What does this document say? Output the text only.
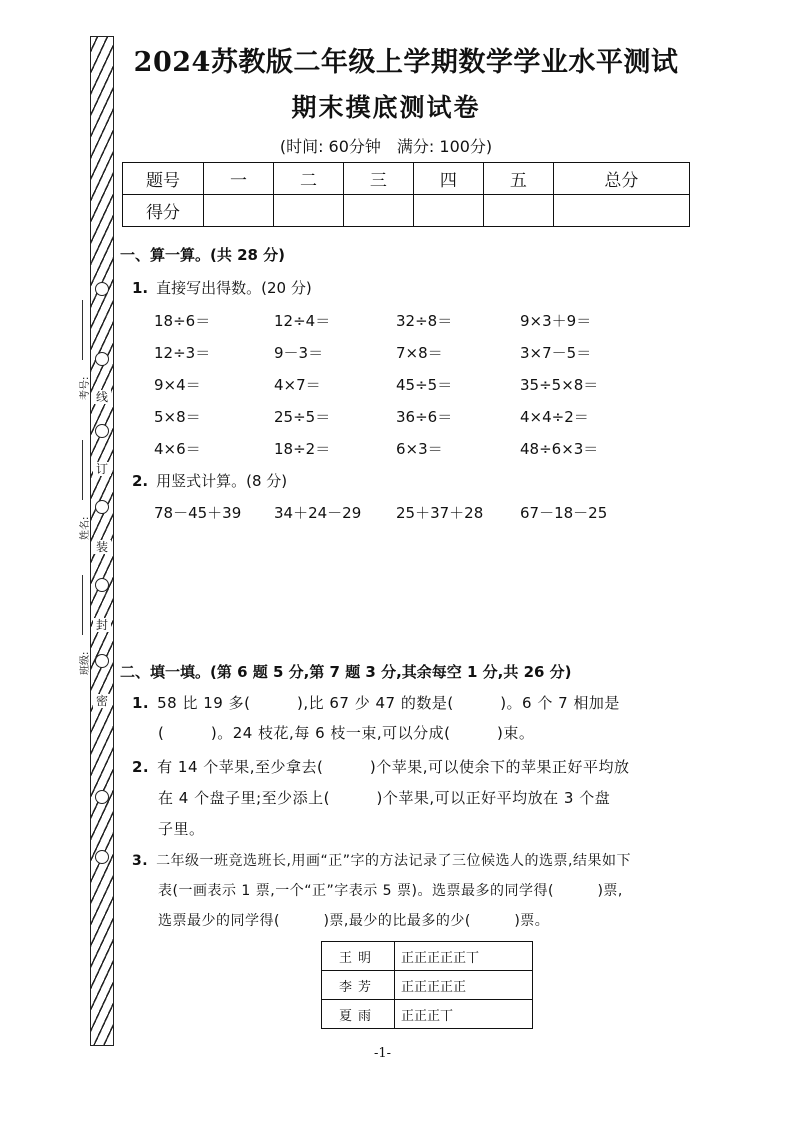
线
订
装
封
密
考号:
姓名:
班级:
2024苏教版二年级上学期数学学业水平测试
期末摸底测试卷
(时间: 60分钟　满分: 100分)
题号	一	二	三	四	五	总分
得分						
一、算一算。(共 28 分)
1. 直接写出得数。(20 分)
18÷6＝	12÷4＝	32÷8＝	9×3＋9＝
12÷3＝	9－3＝	7×8＝	3×7－5＝
9×4＝	4×7＝	45÷5＝	35÷5×8＝
5×8＝	25÷5＝	36÷6＝	4×4÷2＝
4×6＝	18÷2＝	6×3＝	48÷6×3＝
2. 用竖式计算。(8 分)
78－45＋39 34＋24－29 25＋37＋28 67－18－25
二、填一填。(第 6 题 5 分,第 7 题 3 分,其余每空 1 分,共 26 分)
1. 58 比 19 多(　　　),比 67 少 47 的数是(　　　)。6 个 7 相加是
(　　　)。24 枝花,每 6 枝一束,可以分成(　　　)束。
2. 有 14 个苹果,至少拿去(　　　)个苹果,可以使余下的苹果正好平均放
在 4 个盘子里;至少添上(　　　)个苹果,可以正好平均放在 3 个盘
子里。
3. 二年级一班竞选班长,用画“正”字的方法记录了三位候选人的选票,结果如下
表(一画表示 1 票,一个“正”字表示 5 票)。选票最多的同学得(　　　)票,
选票最少的同学得(　　　)票,最少的比最多的少(　　　)票。
王明	正正正正正丅
李芳	正正正正正
夏雨	正正正丅
-1-
